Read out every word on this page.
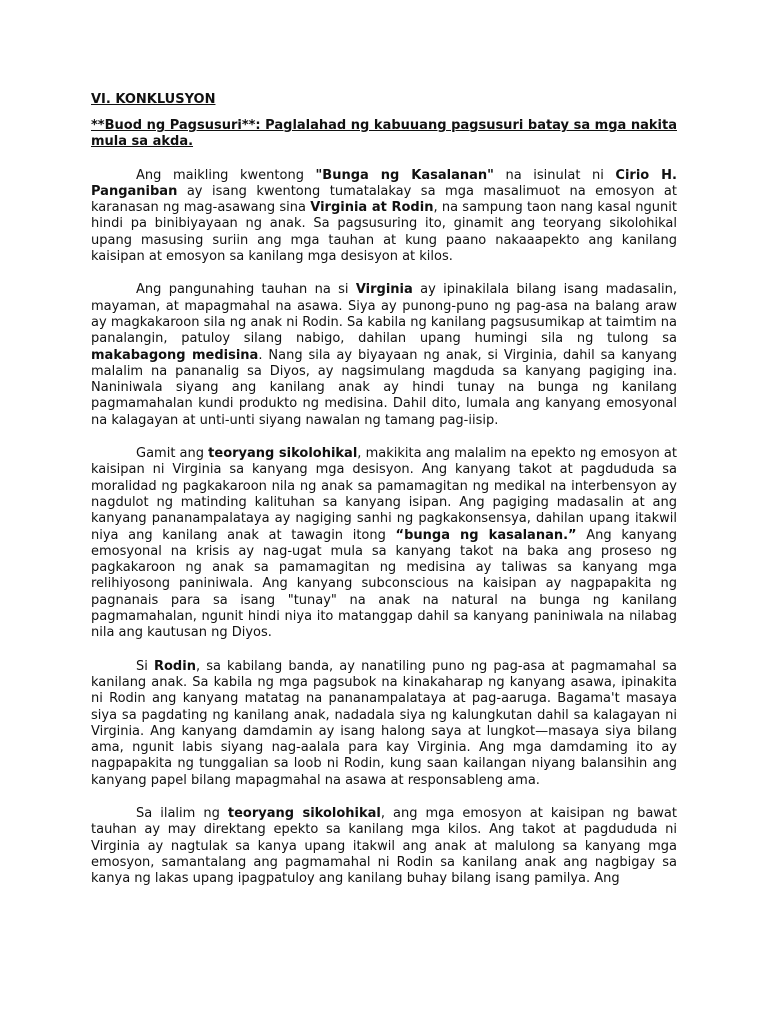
VI. KONKLUSYON
**Buod ng Pagsusuri**: Paglalahad ng kabuuang pagsusuri batay sa mga nakita mula sa akda.

Ang maikling kwentong "Bunga ng Kasalanan" na isinulat ni Cirio H. Panganiban ay isang kwentong tumatalakay sa mga masalimuot na emosyon at karanasan ng mag-asawang sina Virginia at Rodin, na sampung taon nang kasal ngunit hindi pa binibiyayaan ng anak. Sa pagsusuring ito, ginamit ang teoryang sikolohikal upang masusing suriin ang mga tauhan at kung paano nakaaapekto ang kanilang kaisipan at emosyon sa kanilang mga desisyon at kilos.

Ang pangunahing tauhan na si Virginia ay ipinakilala bilang isang madasalin, mayaman, at mapagmahal na asawa. Siya ay punong-puno ng pag-asa na balang araw ay magkakaroon sila ng anak ni Rodin. Sa kabila ng kanilang pagsusumikap at taimtim na panalangin, patuloy silang nabigo, dahilan upang humingi sila ng tulong sa makabagong medisina. Nang sila ay biyayaan ng anak, si Virginia, dahil sa kanyang malalim na pananalig sa Diyos, ay nagsimulang magduda sa kanyang pagiging ina. Naniniwala siyang ang kanilang anak ay hindi tunay na bunga ng kanilang pagmamahalan kundi produkto ng medisina. Dahil dito, lumala ang kanyang emosyonal na kalagayan at unti-unti siyang nawalan ng tamang pag-iisip.

Gamit ang teoryang sikolohikal, makikita ang malalim na epekto ng emosyon at kaisipan ni Virginia sa kanyang mga desisyon. Ang kanyang takot at pagdududa sa moralidad ng pagkakaroon nila ng anak sa pamamagitan ng medikal na interbensyon ay nagdulot ng matinding kalituhan sa kanyang isipan. Ang pagiging madasalin at ang kanyang pananampalataya ay nagiging sanhi ng pagkakonsensya, dahilan upang itakwil niya ang kanilang anak at tawagin itong “bunga ng kasalanan.” Ang kanyang emosyonal na krisis ay nag-ugat mula sa kanyang takot na baka ang proseso ng pagkakaroon ng anak sa pamamagitan ng medisina ay taliwas sa kanyang mga relihiyosong paniniwala. Ang kanyang subconscious na kaisipan ay nagpapakita ng pagnanais para sa isang "tunay" na anak na natural na bunga ng kanilang pagmamahalan, ngunit hindi niya ito matanggap dahil sa kanyang paniniwala na nilabag nila ang kautusan ng Diyos.

Si Rodin, sa kabilang banda, ay nanatiling puno ng pag-asa at pagmamahal sa kanilang anak. Sa kabila ng mga pagsubok na kinakaharap ng kanyang asawa, ipinakita ni Rodin ang kanyang matatag na pananampalataya at pag-aaruga. Bagama't masaya siya sa pagdating ng kanilang anak, nadadala siya ng kalungkutan dahil sa kalagayan ni Virginia. Ang kanyang damdamin ay isang halong saya at lungkot—masaya siya bilang ama, ngunit labis siyang nag-aalala para kay Virginia. Ang mga damdaming ito ay nagpapakita ng tunggalian sa loob ni Rodin, kung saan kailangan niyang balansihin ang kanyang papel bilang mapagmahal na asawa at responsableng ama.

Sa ilalim ng teoryang sikolohikal, ang mga emosyon at kaisipan ng bawat tauhan ay may direktang epekto sa kanilang mga kilos. Ang takot at pagdududa ni Virginia ay nagtulak sa kanya upang itakwil ang anak at malulong sa kanyang mga emosyon, samantalang ang pagmamahal ni Rodin sa kanilang anak ang nagbigay sa kanya ng lakas upang ipagpatuloy ang kanilang buhay bilang isang pamilya. Ang
